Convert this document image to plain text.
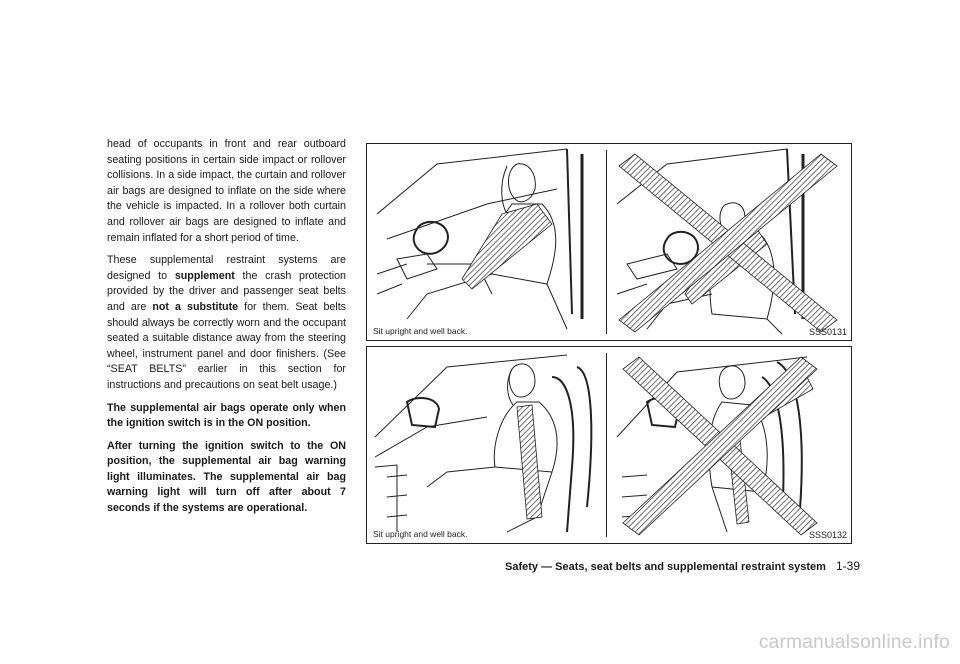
head of occupants in front and rear outboard seating positions in certain side impact or rollover collisions. In a side impact, the curtain and rollover air bags are designed to inflate on the side where the vehicle is impacted. In a rollover both curtain and rollover air bags are designed to inflate and remain inflated for a short period of time.

These supplemental restraint systems are designed to supplement the crash protection provided by the driver and passenger seat belts and are not a substitute for them. Seat belts should always be correctly worn and the occupant seated a suitable distance away from the steering wheel, instrument panel and door finishers. (See “SEAT BELTS” earlier in this section for instructions and precautions on seat belt usage.)

The supplemental air bags operate only when the ignition switch is in the ON position.

After turning the ignition switch to the ON position, the supplemental air bag warning light illuminates. The supplemental air bag warning light will turn off after about 7 seconds if the systems are operational.

Sit upright and well back.	SSS0131
Sit upright and well back.	SSS0132
Safety — Seats, seat belts and supplemental restraint system 1-39
carmanualsonline.info
